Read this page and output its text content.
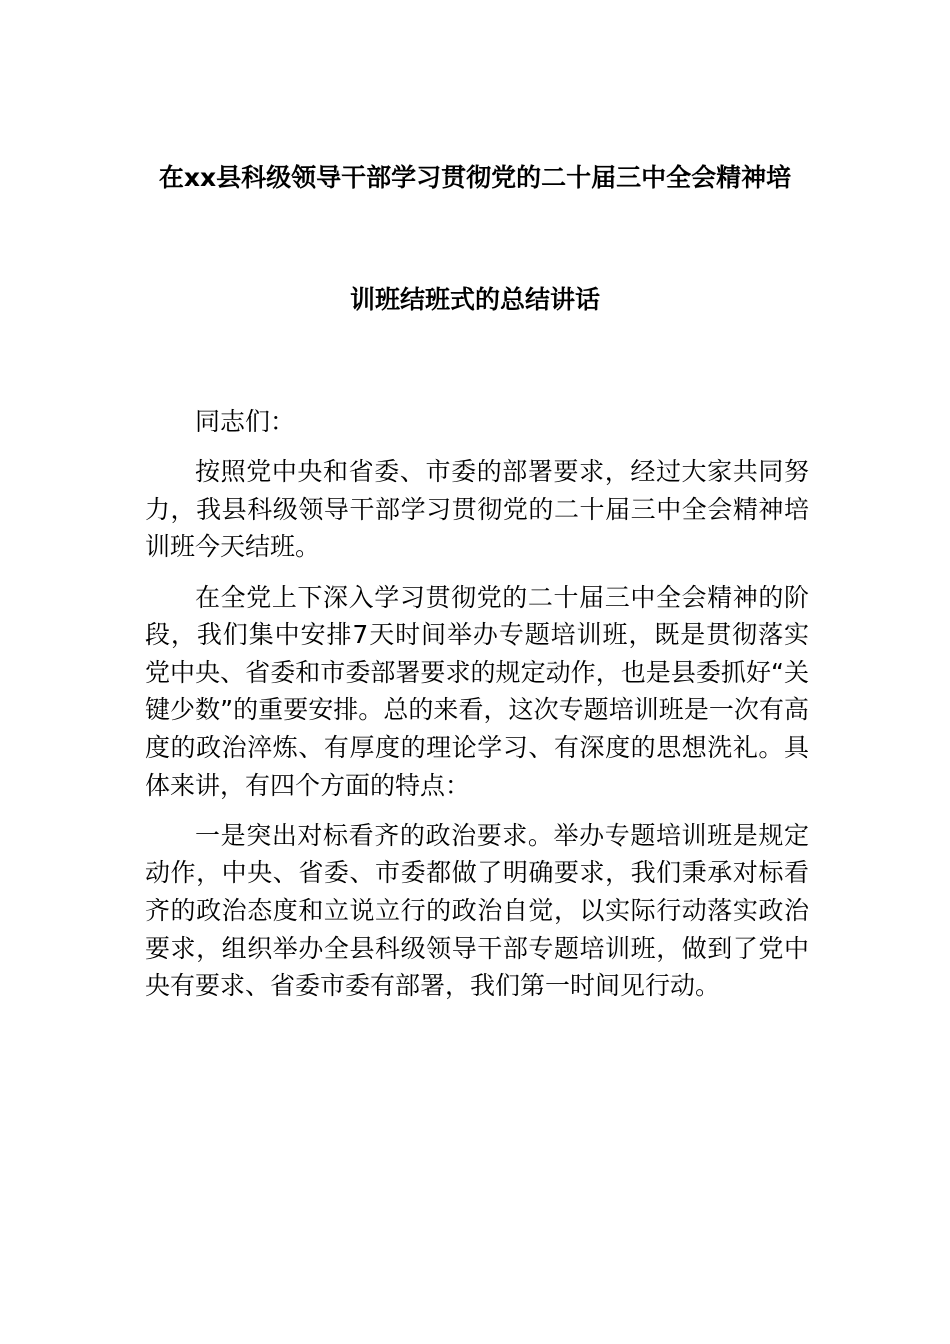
在xx县科级领导干部学习贯彻党的二十届三中全会精神培
训班结班式的总结讲话

同志们：

按照党中央和省委、市委的部署要求，经过大家共同努力，我县科级领导干部学习贯彻党的二十届三中全会精神培训班今天结班。

在全党上下深入学习贯彻党的二十届三中全会精神的阶段，我们集中安排7天时间举办专题培训班，既是贯彻落实党中央、省委和市委部署要求的规定动作，也是县委抓好“关键少数”的重要安排。总的来看，这次专题培训班是一次有高度的政治淬炼、有厚度的理论学习、有深度的思想洗礼。具体来讲，有四个方面的特点：

一是突出对标看齐的政治要求。举办专题培训班是规定动作，中央、省委、市委都做了明确要求，我们秉承对标看齐的政治态度和立说立行的政治自觉，以实际行动落实政治要求，组织举办全县科级领导干部专题培训班，做到了党中央有要求、省委市委有部署，我们第一时间见行动。
